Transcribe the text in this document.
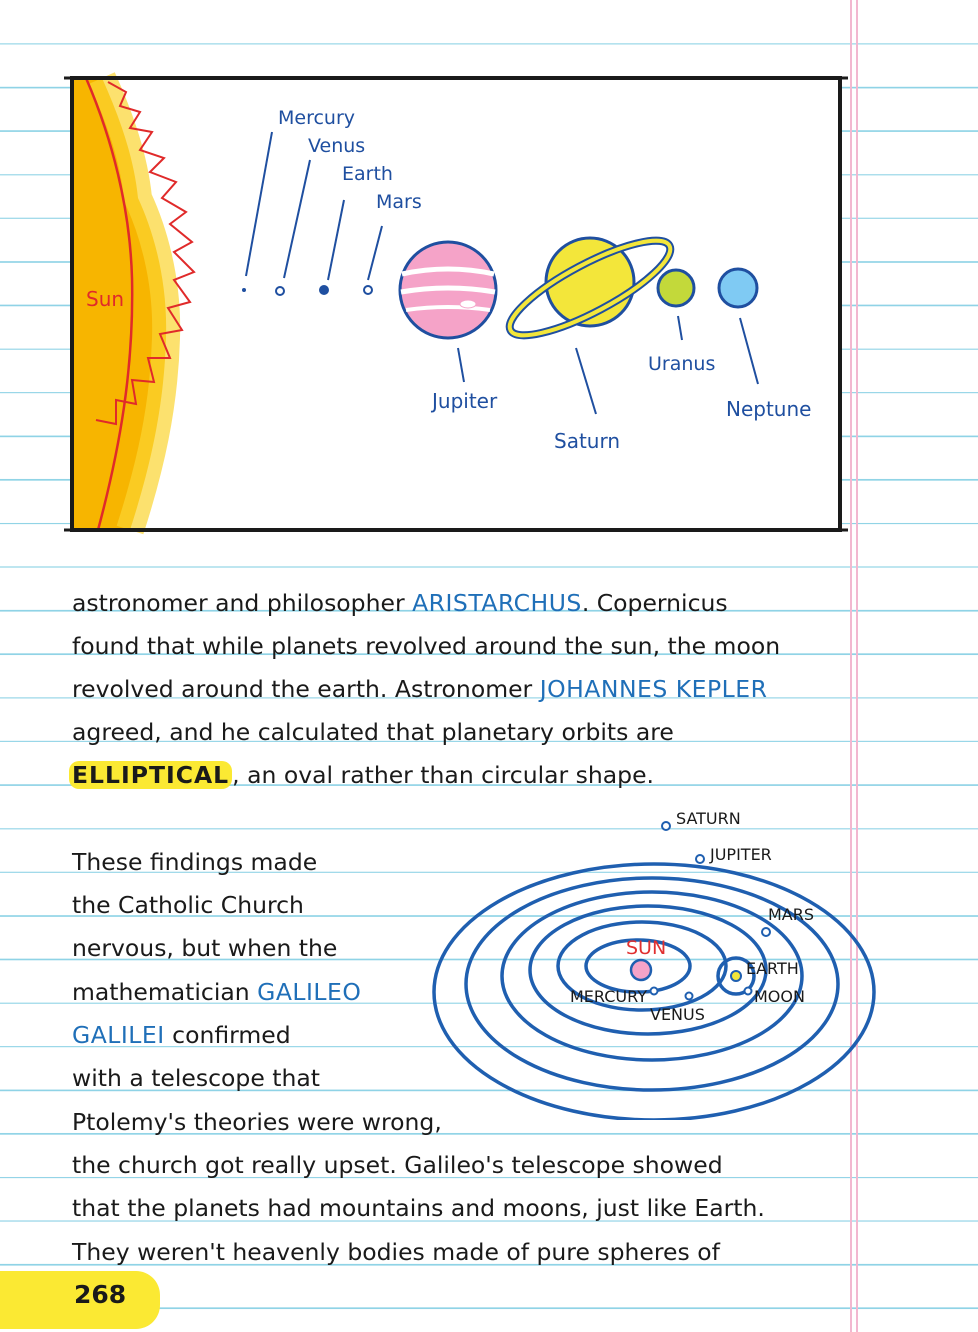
Sun
Mercury
Venus
Earth
Mars
Jupiter
Saturn
Uranus
Neptune
astronomer and philosopher ARISTARCHUS. Copernicus
found that while planets revolved around the sun, the moon
revolved around the earth. Astronomer JOHANNES KEPLER
agreed, and he calculated that planetary orbits are
ELLIPTICAL , an oval rather than circular shape.
These findings made
the Catholic Church
nervous, but when the
mathematician GALILEO
GALILEI confirmed
with a telescope that
Ptolemy's theories were wrong,
the church got really upset. Galileo's telescope showed
that the planets had mountains and moons, just like Earth.
They weren't heavenly bodies made of pure spheres of
SUN
MERCURY
VENUS
EARTH
MOON
MARS
JUPITER
SATURN
268
